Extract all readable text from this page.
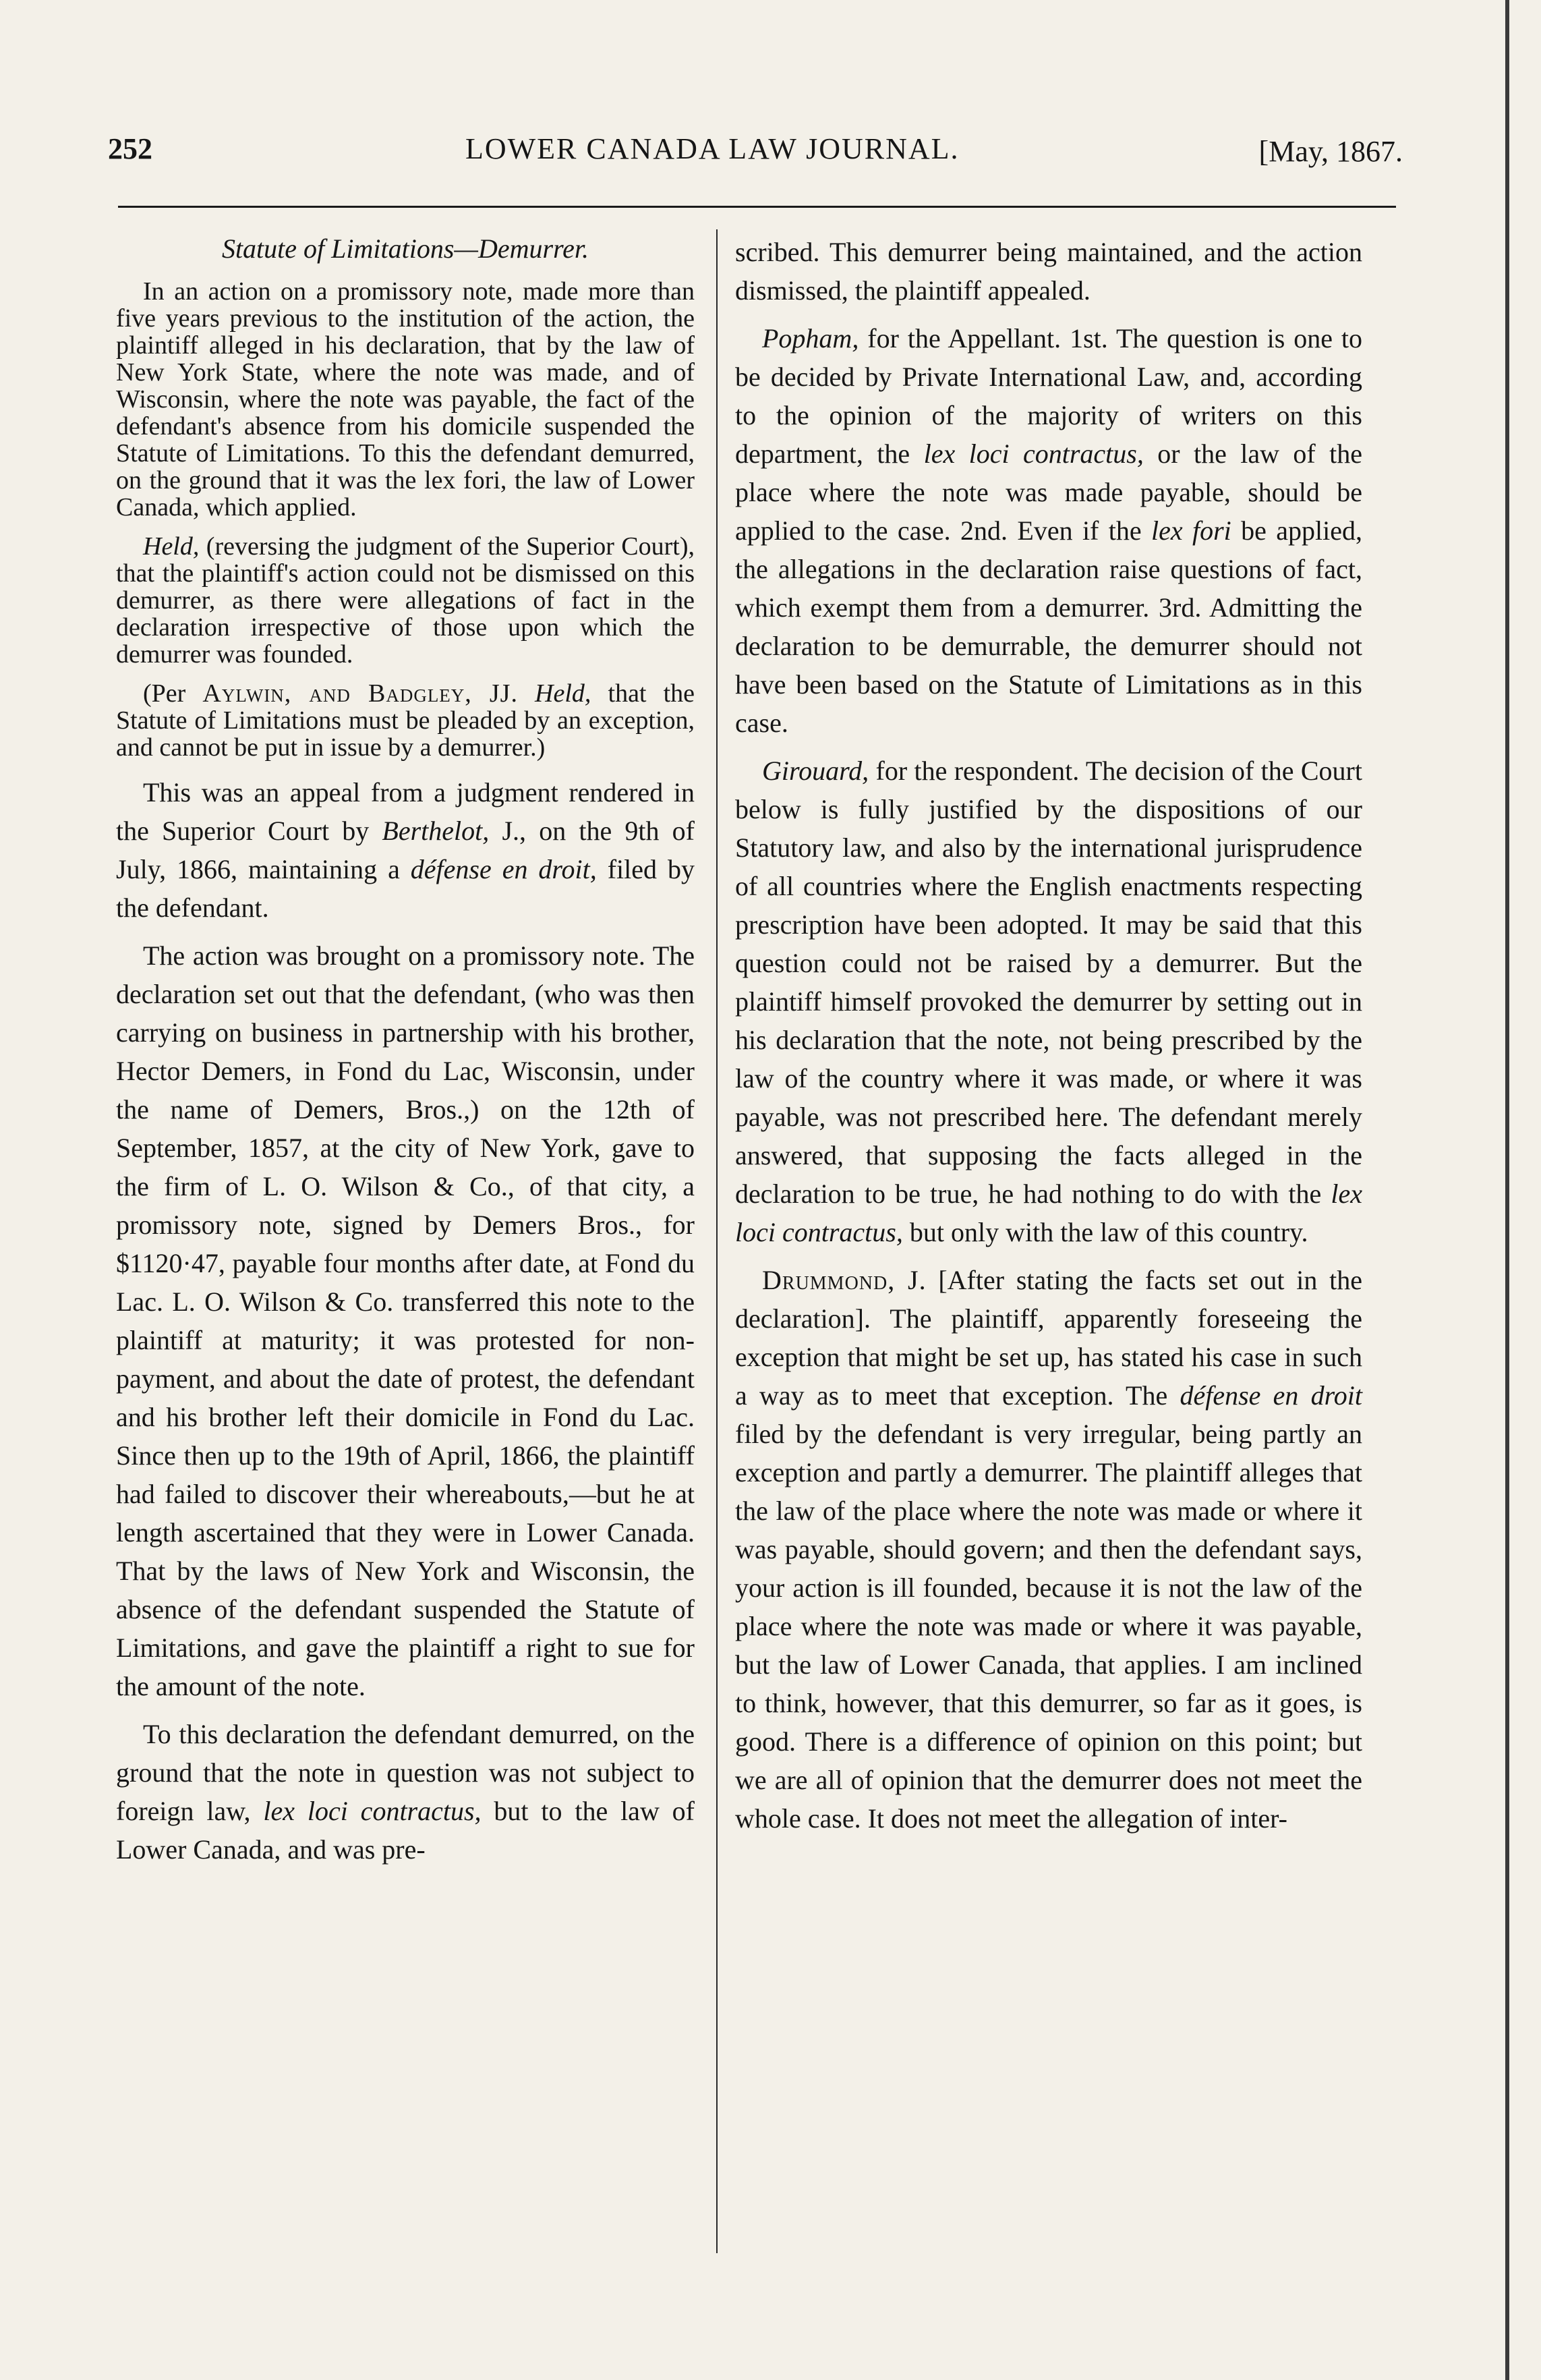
252	LOWER CANADA LAW JOURNAL.	[May, 1867.
Statute of Limitations—Demurrer.

In an action on a promissory note, made more than five years previous to the institution of the action, the plaintiff alleged in his declaration, that by the law of New York State, where the note was made, and of Wisconsin, where the note was payable, the fact of the defendant's absence from his domicile suspended the Statute of Limitations. To this the defendant demurred, on the ground that it was the lex fori, the law of Lower Canada, which applied.

Held, (reversing the judgment of the Superior Court), that the plaintiff's action could not be dismissed on this demurrer, as there were allegations of fact in the declaration irrespective of those upon which the demurrer was founded.

(Per Aylwin, and Badgley, JJ. Held, that the Statute of Limitations must be pleaded by an exception, and cannot be put in issue by a demurrer.)

This was an appeal from a judgment rendered in the Superior Court by Berthelot, J., on the 9th of July, 1866, maintaining a défense en droit, filed by the defendant.

The action was brought on a promissory note. The declaration set out that the defendant, (who was then carrying on business in partnership with his brother, Hector Demers, in Fond du Lac, Wisconsin, under the name of Demers, Bros.,) on the 12th of September, 1857, at the city of New York, gave to the firm of L. O. Wilson & Co., of that city, a promissory note, signed by Demers Bros., for $1120·47, payable four months after date, at Fond du Lac. L. O. Wilson & Co. transferred this note to the plaintiff at maturity; it was protested for non-payment, and about the date of protest, the defendant and his brother left their domicile in Fond du Lac. Since then up to the 19th of April, 1866, the plaintiff had failed to discover their whereabouts,—but he at length ascertained that they were in Lower Canada. That by the laws of New York and Wisconsin, the absence of the defendant suspended the Statute of Limitations, and gave the plaintiff a right to sue for the amount of the note.

To this declaration the defendant demurred, on the ground that the note in question was not subject to foreign law, lex loci contractus, but to the law of Lower Canada, and was pre-

scribed. This demurrer being maintained, and the action dismissed, the plaintiff appealed.

Popham, for the Appellant. 1st. The question is one to be decided by Private International Law, and, according to the opinion of the majority of writers on this department, the lex loci contractus, or the law of the place where the note was made payable, should be applied to the case. 2nd. Even if the lex fori be applied, the allegations in the declaration raise questions of fact, which exempt them from a demurrer. 3rd. Admitting the declaration to be demurrable, the demurrer should not have been based on the Statute of Limitations as in this case.

Girouard, for the respondent. The decision of the Court below is fully justified by the dispositions of our Statutory law, and also by the international jurisprudence of all countries where the English enactments respecting prescription have been adopted. It may be said that this question could not be raised by a demurrer. But the plaintiff himself provoked the demurrer by setting out in his declaration that the note, not being prescribed by the law of the country where it was made, or where it was payable, was not prescribed here. The defendant merely answered, that supposing the facts alleged in the declaration to be true, he had nothing to do with the lex loci contractus, but only with the law of this country.

Drummond, J. [After stating the facts set out in the declaration]. The plaintiff, apparently foreseeing the exception that might be set up, has stated his case in such a way as to meet that exception. The défense en droit filed by the defendant is very irregular, being partly an exception and partly a demurrer. The plaintiff alleges that the law of the place where the note was made or where it was payable, should govern; and then the defendant says, your action is ill founded, because it is not the law of the place where the note was made or where it was payable, but the law of Lower Canada, that applies. I am inclined to think, however, that this demurrer, so far as it goes, is good. There is a difference of opinion on this point; but we are all of opinion that the demurrer does not meet the whole case. It does not meet the allegation of inter-
